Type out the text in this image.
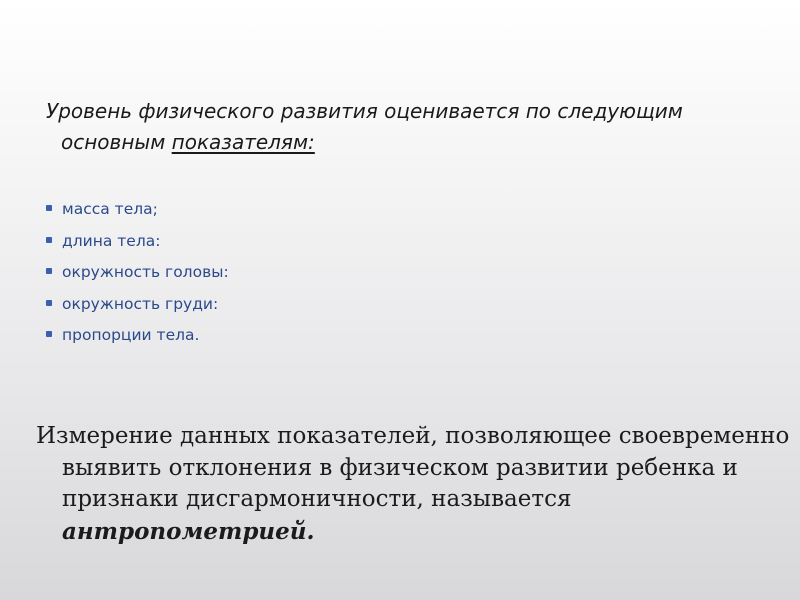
Уровень физического развития оценивается по следующим основным показателям:
масса тела;
длина тела:
окружность головы:
окружность груди:
пропорции тела.
Измерение данных показателей, позволяющее своевременно выявить отклонения в физическом развитии ребенка и признаки дисгармоничности, называется антропометрией.
